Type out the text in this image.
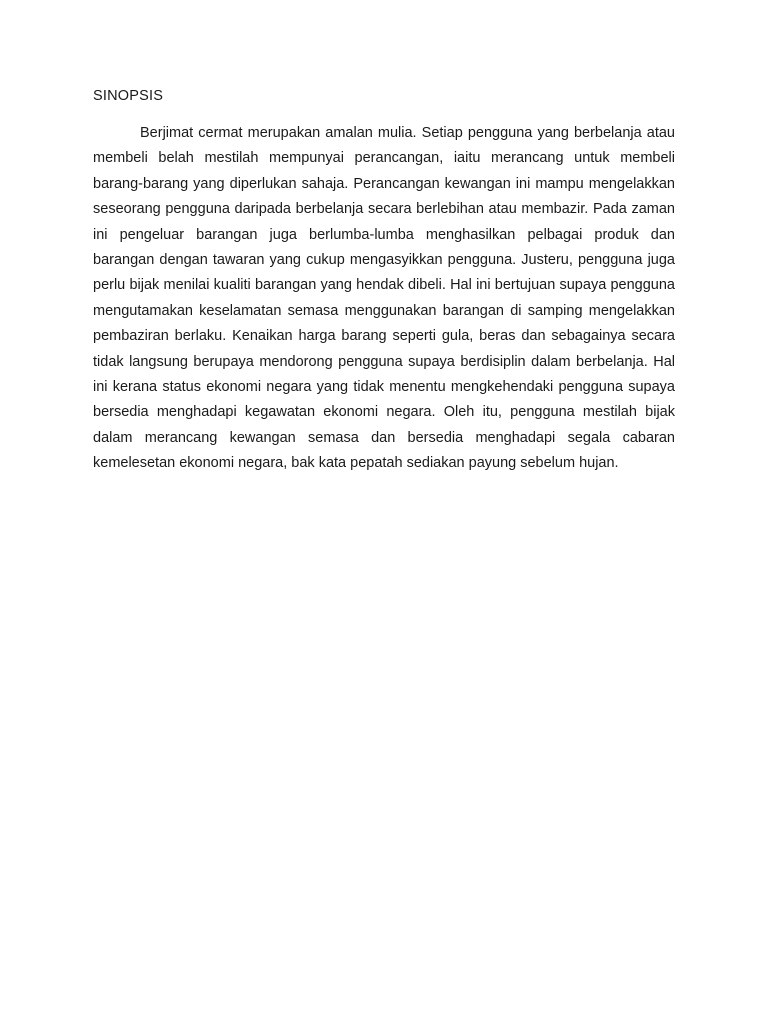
SINOPSIS

Berjimat cermat merupakan amalan mulia. Setiap pengguna yang berbelanja atau membeli belah mestilah mempunyai perancangan, iaitu merancang untuk membeli barang-barang yang diperlukan sahaja. Perancangan kewangan ini mampu mengelakkan seseorang pengguna daripada berbelanja secara berlebihan atau membazir. Pada zaman ini pengeluar barangan juga berlumba-lumba menghasilkan pelbagai produk dan barangan dengan tawaran yang cukup mengasyikkan pengguna. Justeru, pengguna juga perlu bijak menilai kualiti barangan yang hendak dibeli. Hal ini bertujuan supaya pengguna mengutamakan keselamatan semasa menggunakan barangan di samping mengelakkan pembaziran berlaku. Kenaikan harga barang seperti gula, beras dan sebagainya secara tidak langsung berupaya mendorong pengguna supaya berdisiplin dalam berbelanja. Hal ini kerana status ekonomi negara yang tidak menentu mengkehendaki pengguna supaya bersedia menghadapi kegawatan ekonomi negara. Oleh itu, pengguna mestilah bijak dalam merancang kewangan semasa dan bersedia menghadapi segala cabaran kemelesetan ekonomi negara, bak kata pepatah sediakan payung sebelum hujan.
